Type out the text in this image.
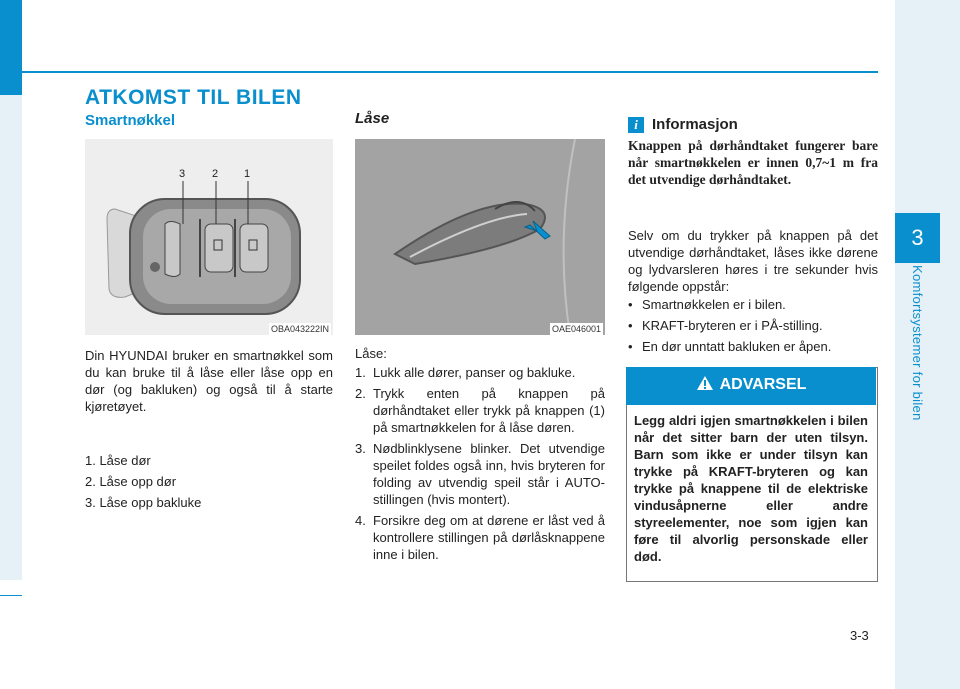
3
Komfortsystemer for bilen
ATKOMST TIL BILEN
Smartnøkkel	Låse
3 2 1
OBA043222IN
Din HYUNDAI bruker en smartnøkkel som du kan bruke til å låse eller låse opp en dør (og bakluken) og også til å starte kjøretøyet.
1. Låse dør
2. Låse opp dør
3. Låse opp bakluke
OAE046001
Låse:
1. Lukk alle dører, panser og bakluke.
2. Trykk enten på knappen på dørhåndtaket eller trykk på knappen (1) på smartnøkkelen for å låse døren.
3. Nødblinklysene blinker. Det utvendige speilet foldes også inn, hvis bryteren for folding av utvendig speil står i AUTO-stillingen (hvis montert).
4. Forsikre deg om at dørene er låst ved å kontrollere stillingen på dørlåsknappene inne i bilen.
i Informasjon
Knappen på dørhåndtaket fungerer bare når smartnøkkelen er innen 0,7~1 m fra det utvendige dørhåndtaket.
Selv om du trykker på knappen på det utvendige dørhåndtaket, låses ikke dørene og lydvarsleren høres i tre sekunder hvis følgende oppstår:
• Smartnøkkelen er i bilen.
• KRAFT-bryteren er i PÅ-stilling.
• En dør unntatt bakluken er åpen.
ADVARSEL
Legg aldri igjen smartnøkkelen i bilen når det sitter barn der uten tilsyn. Barn som ikke er under tilsyn kan trykke på KRAFT-bryteren og kan trykke på knappene til de elektriske vindusåpnerne eller andre styreelementer, noe som igjen kan føre til alvorlig personskade eller død.
3-3
